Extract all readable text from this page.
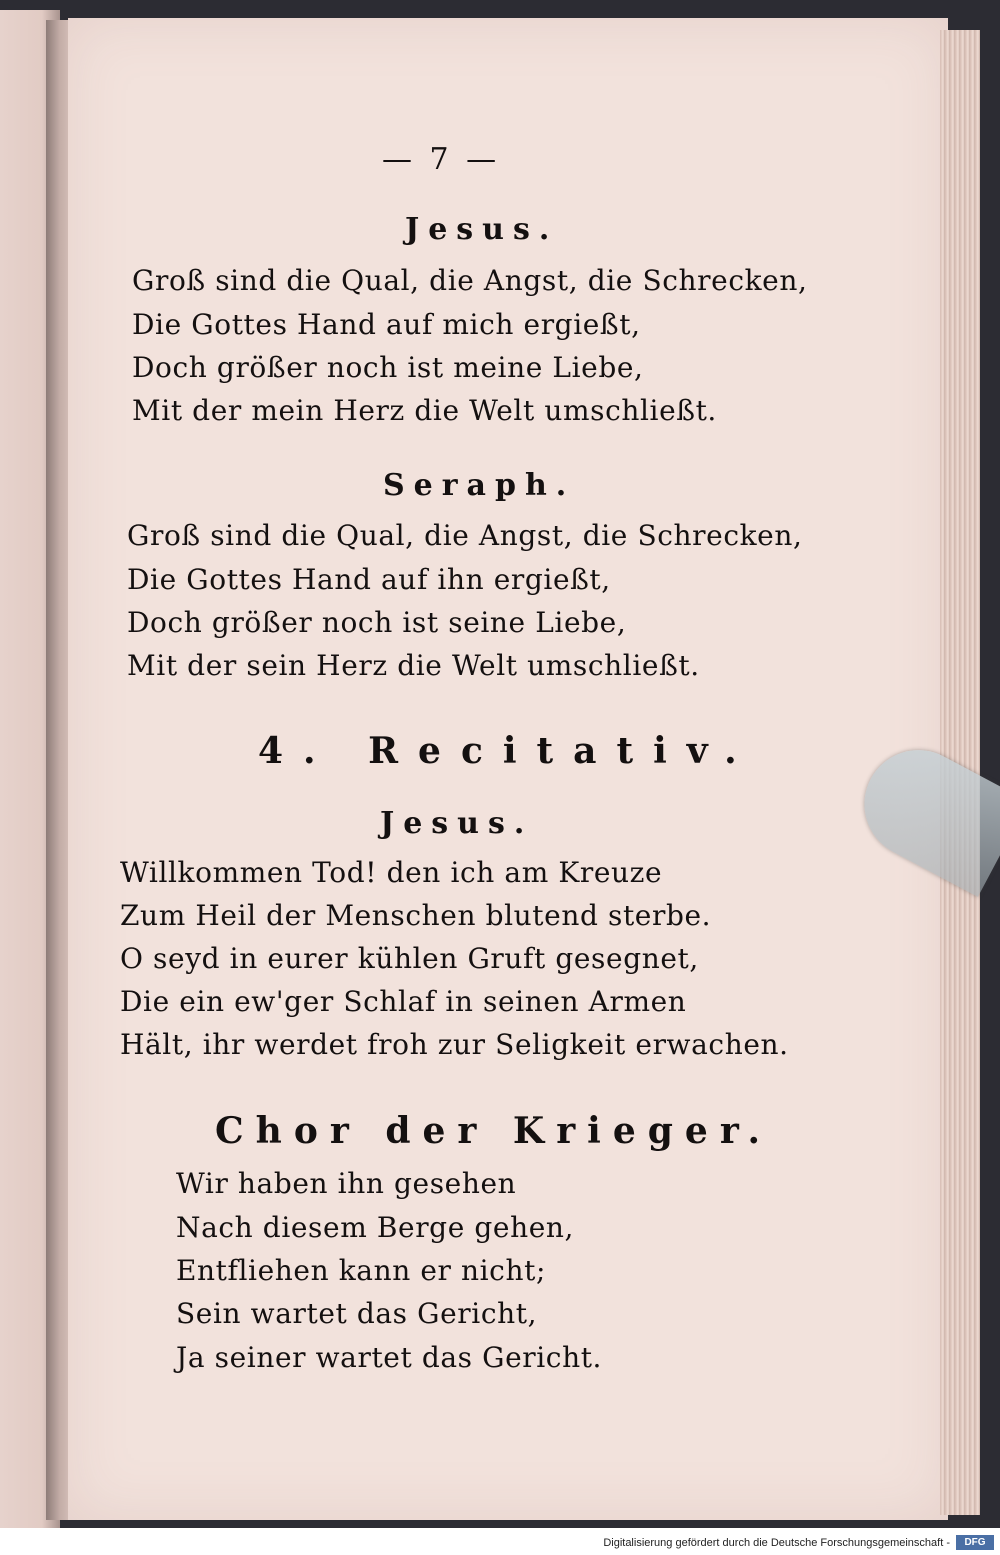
— 7 —
Jesus.
Groß sind die Qual, die Angst, die Schrecken,
Die Gottes Hand auf mich ergießt,
Doch größer noch ist meine Liebe,
Mit der mein Herz die Welt umschließt.
Seraph.
Groß sind die Qual, die Angst, die Schrecken,
Die Gottes Hand auf ihn ergießt,
Doch größer noch ist seine Liebe,
Mit der sein Herz die Welt umschließt.
4. Recitativ.
Jesus.
Willkommen Tod! den ich am Kreuze
Zum Heil der Menschen blutend sterbe.
O seyd in eurer kühlen Gruft gesegnet,
Die ein ew'ger Schlaf in seinen Armen
Hält, ihr werdet froh zur Seligkeit erwachen.
Chor der Krieger.
Wir haben ihn gesehen
Nach diesem Berge gehen,
Entfliehen kann er nicht;
Sein wartet das Gericht,
Ja seiner wartet das Gericht.
Digitalisierung gefördert durch die Deutsche Forschungsgemeinschaft -	DFG
